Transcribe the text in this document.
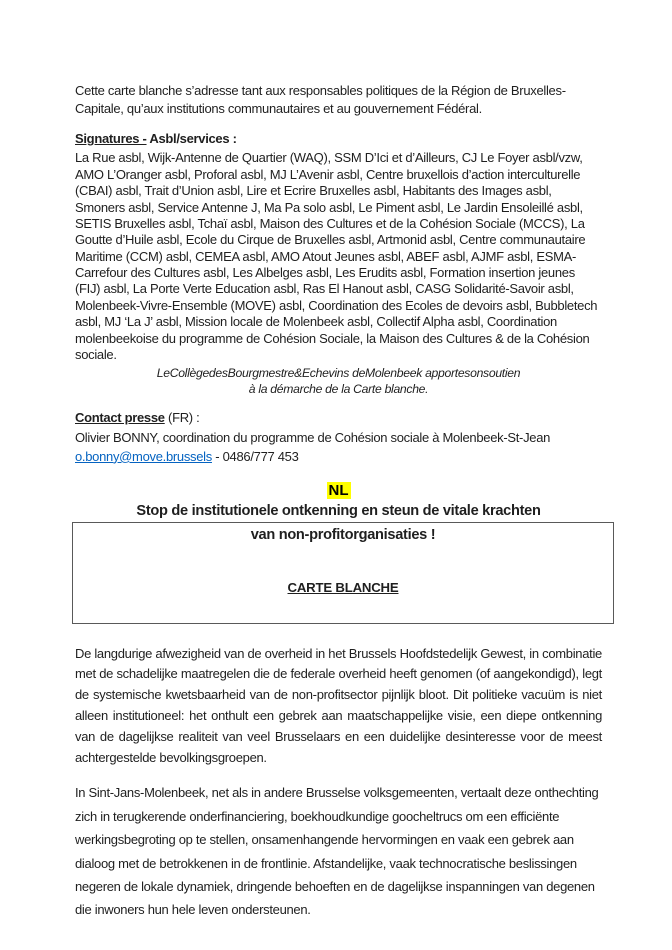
Cette carte blanche s’adresse tant aux responsables politiques de la Région de Bruxelles-Capitale, qu’aux institutions communautaires et au gouvernement Fédéral.

Signatures - Asbl/services :

La Rue asbl, Wijk-Antenne de Quartier (WAQ), SSM D’Ici et d’Ailleurs, CJ Le Foyer asbl/vzw, AMO L’Oranger asbl, Proforal asbl, MJ L’Avenir asbl, Centre bruxellois d’action interculturelle (CBAI) asbl, Trait d’Union asbl, Lire et Ecrire Bruxelles asbl, Habitants des Images asbl, Smoners asbl, Service Antenne J, Ma Pa solo asbl, Le Piment asbl, Le Jardin Ensoleillé asbl, SETIS Bruxelles asbl, Tchaï asbl, Maison des Cultures et de la Cohésion Sociale (MCCS), La Goutte d’Huile asbl, Ecole du Cirque de Bruxelles asbl, Artmonid asbl, Centre communautaire Maritime (CCM) asbl, CEMEA asbl, AMO Atout Jeunes asbl, ABEF asbl, AJMF asbl, ESMA-Carrefour des Cultures asbl, Les Albelges asbl, Les Erudits asbl, Formation insertion jeunes (FIJ) asbl, La Porte Verte Education asbl, Ras El Hanout asbl, CASG Solidarité-Savoir asbl, Molenbeek-Vivre-Ensemble (MOVE) asbl, Coordination des Ecoles de devoirs asbl, Bubbletech asbl, MJ ‘La J’ asbl, Mission locale de Molenbeek asbl, Collectif Alpha asbl, Coordination molenbeekoise du programme de Cohésion Sociale, la Maison des Cultures & de la Cohésion sociale.

LeCollègedesBourgmestre&Echevins deMolenbeek apportesonsoutien
à la démarche de la Carte blanche.

Contact presse (FR) :

Olivier BONNY, coordination du programme de Cohésion sociale à Molenbeek-St-Jean
o.bonny@move.brussels - 0486/777 453

NL
Stop de institutionele ontkenning en steun de vitale krachten
van non-profitorganisaties !
CARTE BLANCHE

De langdurige afwezigheid van de overheid in het Brussels Hoofdstedelijk Gewest, in combinatie met de schadelijke maatregelen die de federale overheid heeft genomen (of aangekondigd), legt de systemische kwetsbaarheid van de non-profitsector pijnlijk bloot. Dit politieke vacuüm is niet alleen institutioneel: het onthult een gebrek aan maatschappelijke visie, een diepe ontkenning van de dagelijkse realiteit van veel Brusselaars en een duidelijke desinteresse voor de meest achtergestelde bevolkingsgroepen.

In Sint-Jans-Molenbeek, net als in andere Brusselse volksgemeenten, vertaalt deze onthechting zich in terugkerende onderfinanciering, boekhoudkundige goocheltrucs om een efficiënte werkingsbegroting op te stellen, onsamenhangende hervormingen en vaak een gebrek aan dialoog met de betrokkenen in de frontlinie. Afstandelijke, vaak technocratische beslissingen negeren de lokale dynamiek, dringende behoeften en de dagelijkse inspanningen van degenen die inwoners hun hele leven ondersteunen.
